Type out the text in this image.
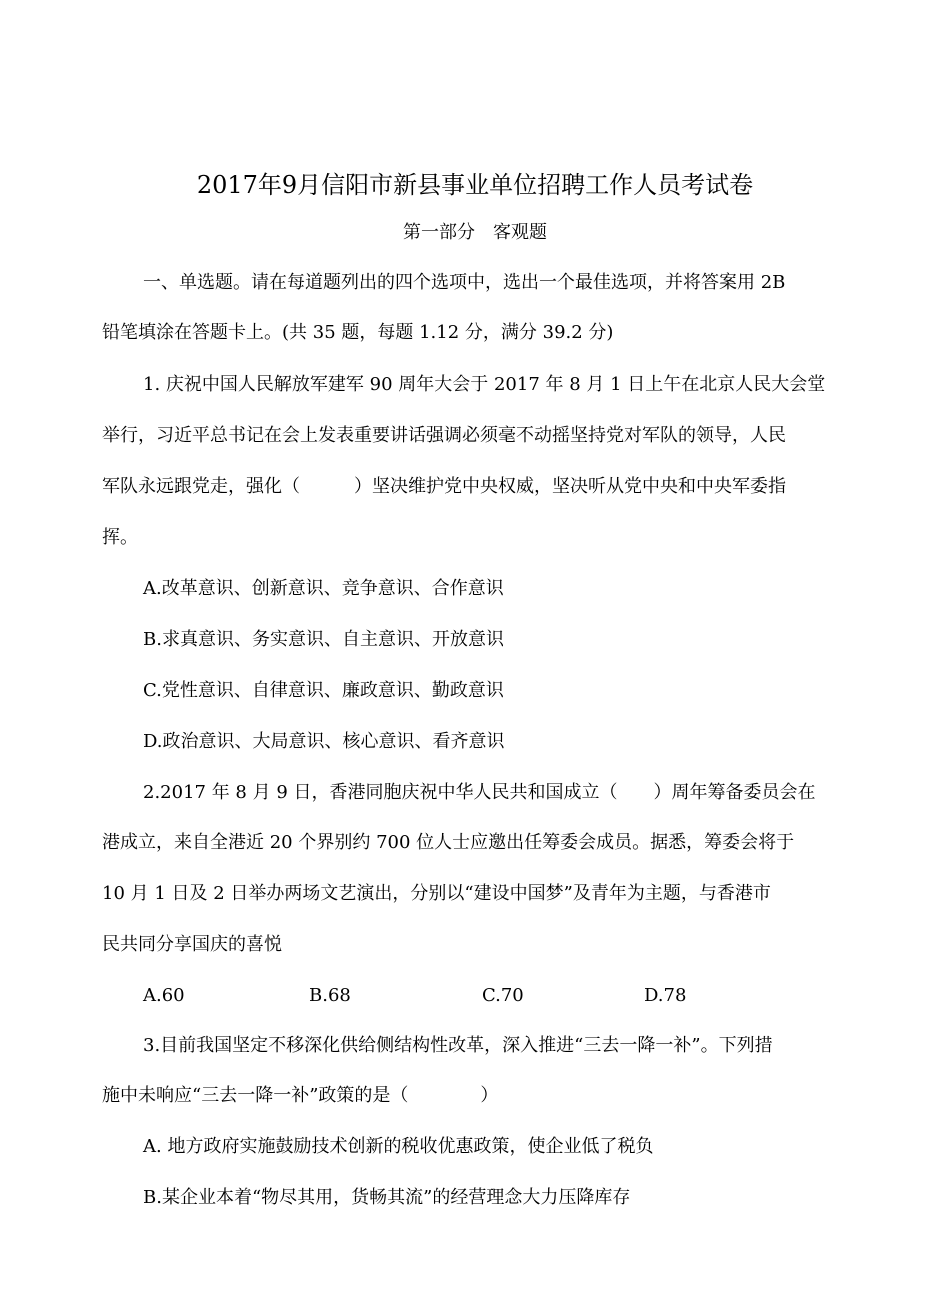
2017年9月信阳市新县事业单位招聘工作人员考试卷
第一部分　客观题
一、单选题。请在每道题列出的四个选项中，选出一个最佳选项，并将答案用 2B
铅笔填涂在答题卡上。(共 35 题，每题 1.12 分，满分 39.2 分)
1. 庆祝中国人民解放军建军 90 周年大会于 2017 年 8 月 1 日上午在北京人民大会堂
举行，习近平总书记在会上发表重要讲话强调必须毫不动摇坚持党对军队的领导，人民
军队永远跟党走，强化（　　　）坚决维护党中央权威，坚决听从党中央和中央军委指
挥。
A.改革意识、创新意识、竞争意识、合作意识
B.求真意识、务实意识、自主意识、开放意识
C.党性意识、自律意识、廉政意识、勤政意识
D.政治意识、大局意识、核心意识、看齐意识
2.2017 年 8 月 9 日，香港同胞庆祝中华人民共和国成立（　　）周年筹备委员会在
港成立，来自全港近 20 个界别约 700 位人士应邀出任筹委会成员。据悉，筹委会将于
10 月 1 日及 2 日举办两场文艺演出，分别以“建设中国梦”及青年为主题，与香港市
民共同分享国庆的喜悦
A.60	B.68	C.70	D.78
3.目前我国坚定不移深化供给侧结构性改革，深入推进“三去一降一补”。下列措
施中未响应“三去一降一补”政策的是（　　　　）
A. 地方政府实施鼓励技术创新的税收优惠政策，使企业低了税负
B.某企业本着“物尽其用，货畅其流”的经营理念大力压降库存
